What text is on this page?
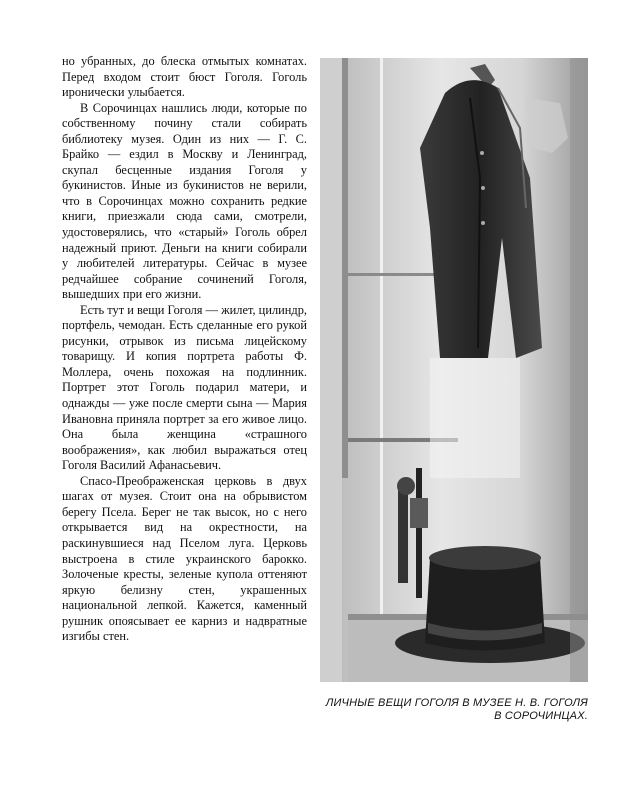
но убранных, до блеска отмытых комнатах. Перед входом стоит бюст Гоголя. Гоголь иронически улыбается.

В Сорочинцах нашлись люди, которые по собственному почину стали собирать библиотеку музея. Один из них — Г. С. Брайко — ездил в Москву и Ленинград, скупал бесценные издания Гоголя у букинистов. Иные из букинистов не верили, что в Сорочинцах можно сохранить редкие книги, приезжали сюда сами, смотрели, удостоверялись, что «старый» Гоголь обрел надежный приют. Деньги на книги собирали у любителей литературы. Сейчас в музее редчайшее собрание сочинений Гоголя, вышедших при его жизни.

Есть тут и вещи Гоголя — жилет, цилиндр, портфель, чемодан. Есть сделанные его рукой рисунки, отрывок из письма лицейскому товарищу. И копия портрета работы Ф. Моллера, очень похожая на подлинник. Портрет этот Гоголь подарил матери, и однажды — уже после смерти сына — Мария Ивановна приняла портрет за его живое лицо. Она была женщина «страшного воображения», как любил выражаться отец Гоголя Василий Афанасьевич.

Спасо-Преображенская церковь в двух шагах от музея. Стоит она на обрывистом берегу Псела. Берег не так высок, но с него открывается вид на окрестности, на раскинувшиеся над Пселом луга. Церковь выстроена в стиле украинского барокко. Золоченые кресты, зеленые купола оттеняют яркую белизну стен, украшенных национальной лепкой. Кажется, каменный рушник опоясывает ее карниз и надвратные изгибы стен.

ЛИЧНЫЕ ВЕЩИ ГОГОЛЯ В МУЗЕЕ Н. В. ГОГОЛЯ
В СОРОЧИНЦАХ.
